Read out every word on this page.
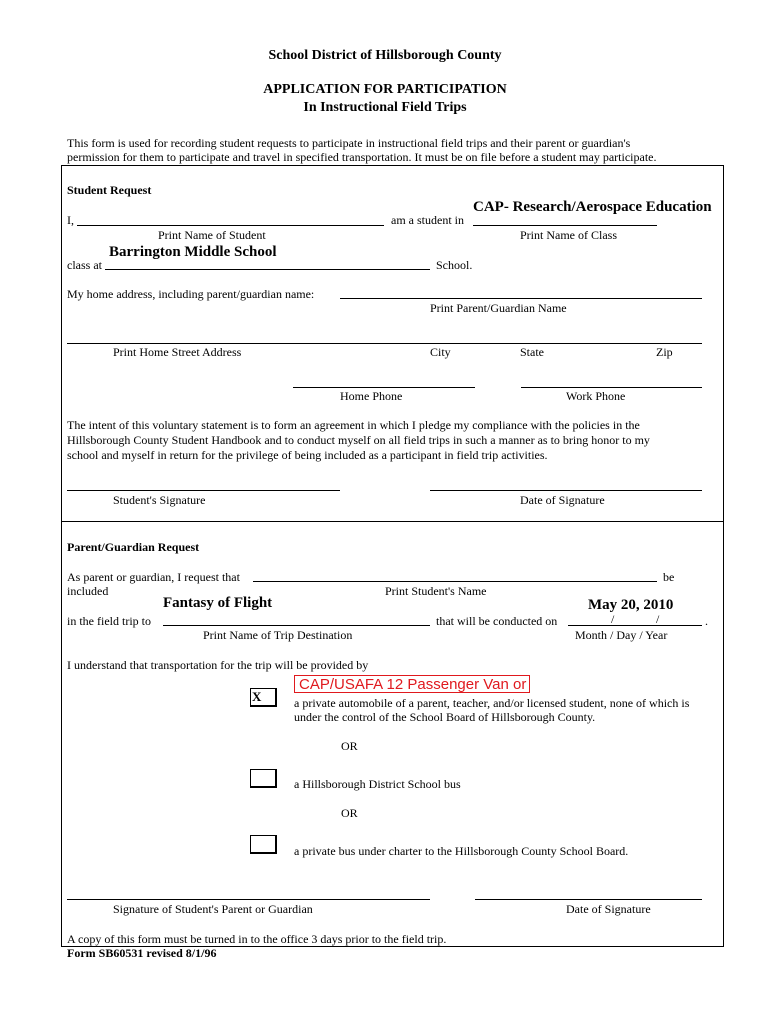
School District of Hillsborough County
APPLICATION FOR PARTICIPATION
In Instructional Field Trips
This form is used for recording student requests to participate in instructional field trips and their parent or guardian's
permission for them to participate and travel in specified transportation. It must be on file before a student may participate.
Student Request
I,	am a student in
CAP- Research/Aerospace Education
Print Name of Student	Print Name of Class
class at
Barrington Middle School
School.
My home address, including parent/guardian name:
Print Parent/Guardian Name
Print Home Street Address	City	State	Zip
Home Phone	Work Phone
The intent of this voluntary statement is to form an agreement in which I pledge my compliance with the policies in the
Hillsborough County Student Handbook and to conduct myself on all field trips in such a manner as to bring honor to my
school and myself in return for the privilege of being included as a participant in field trip activities.
Student's Signature	Date of Signature
Parent/Guardian Request
As parent or guardian, I request that	be
included	Print Student's Name
Fantasy of Flight
in the field trip to	that will be conducted on
May 20, 2010
/	/	.
Print Name of Trip Destination	Month / Day / Year
I understand that transportation for the trip will be provided by
CAP/USAFA 12 Passenger Van or
X	a private automobile of a parent, teacher, and/or licensed student, none of which is
under the control of the School Board of Hillsborough County.
OR
a Hillsborough District School bus
OR
a private bus under charter to the Hillsborough County School Board.
Signature of Student's Parent or Guardian	Date of Signature
A copy of this form must be turned in to the office 3 days prior to the field trip.
Form SB60531 revised 8/1/96
